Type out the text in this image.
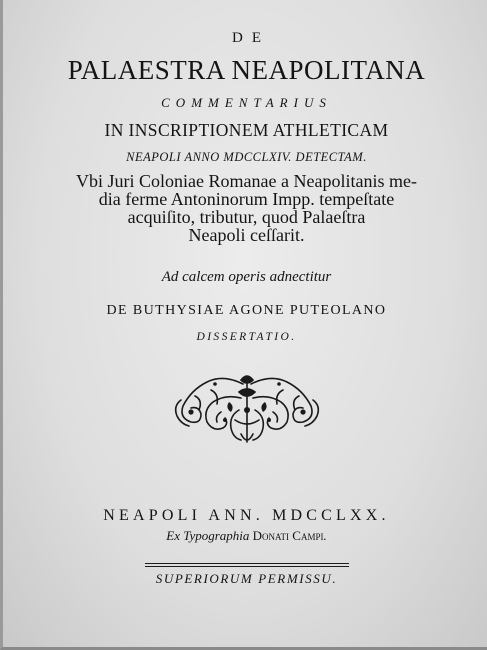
DE
PALAESTRA NEAPOLITANA
COMMENTARIUS
IN INSCRIPTIONEM ATHLETICAM
NEAPOLI ANNO MDCCLXIV. DETECTAM.
Vbi Juri Coloniae Romanae a Neapolitanis me-
dia ferme Antoninorum Impp. tempeſtate
acquiſito, tributur, quod Palaeſtra
Neapoli ceſſarit.
Ad calcem operis adnectitur
DE BUTHYSIAE AGONE PUTEOLANO
DISSERTATIO.
NEAPOLI ANN. MDCCLXX.
Ex Typographia Donati Campi.
SUPERIORUM PERMISSU.
